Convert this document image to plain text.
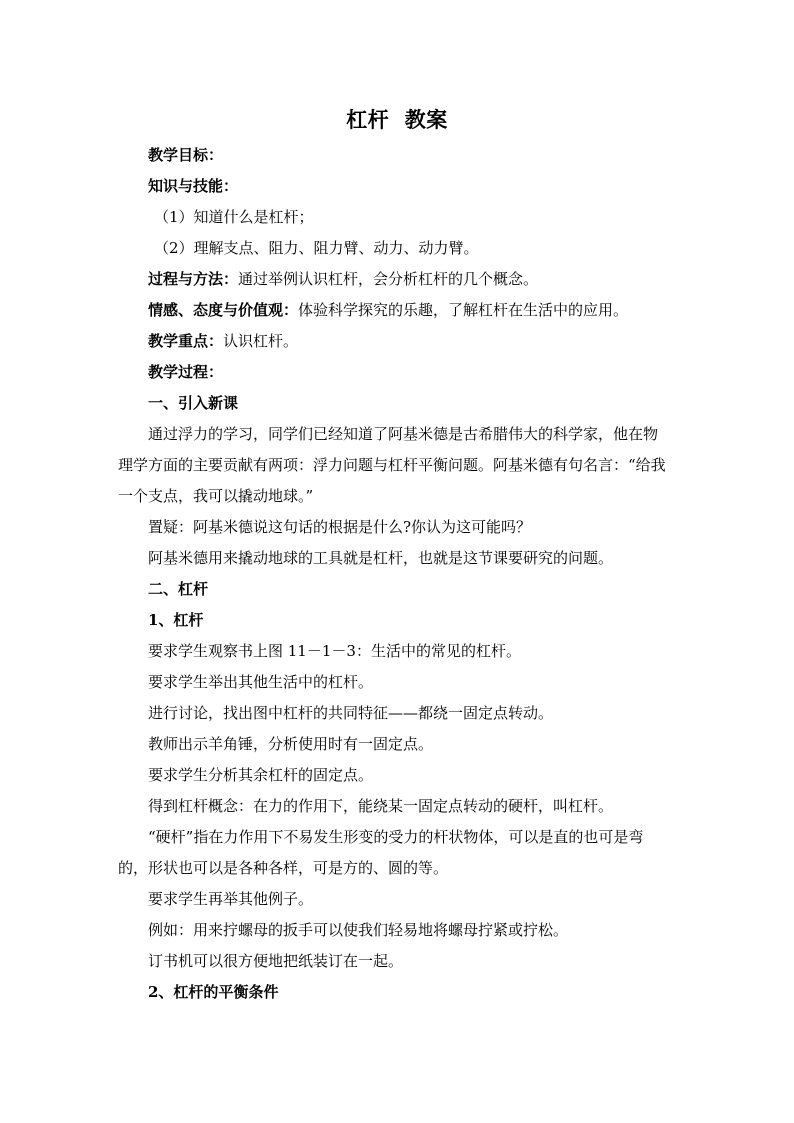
杠杆  教案

教学目标：

知识与技能：

（1）知道什么是杠杆；

（2）理解支点、阻力、阻力臂、动力、动力臂。

过程与方法：通过举例认识杠杆，会分析杠杆的几个概念。

情感、态度与价值观：体验科学探究的乐趣，了解杠杆在生活中的应用。

教学重点：认识杠杆。

教学过程：

一、引入新课

通过浮力的学习，同学们已经知道了阿基米德是古希腊伟大的科学家，他在物理学方面的主要贡献有两项：浮力问题与杠杆平衡问题。阿基米德有句名言：“给我一个支点，我可以撬动地球。”

置疑：阿基米德说这句话的根据是什么?你认为这可能吗？

阿基米德用来撬动地球的工具就是杠杆，也就是这节课要研究的问题。

二、杠杆

1、杠杆

要求学生观察书上图 11－1－3：生活中的常见的杠杆。

要求学生举出其他生活中的杠杆。

进行讨论，找出图中杠杆的共同特征——都绕一固定点转动。

教师出示羊角锤，分析使用时有一固定点。

要求学生分析其余杠杆的固定点。

得到杠杆概念：在力的作用下，能绕某一固定点转动的硬杆，叫杠杆。

“硬杆”指在力作用下不易发生形变的受力的杆状物体，可以是直的也可是弯的，形状也可以是各种各样，可是方的、圆的等。

要求学生再举其他例子。

例如：用来拧螺母的扳手可以使我们轻易地将螺母拧紧或拧松。

订书机可以很方便地把纸装订在一起。

2、杠杆的平衡条件
